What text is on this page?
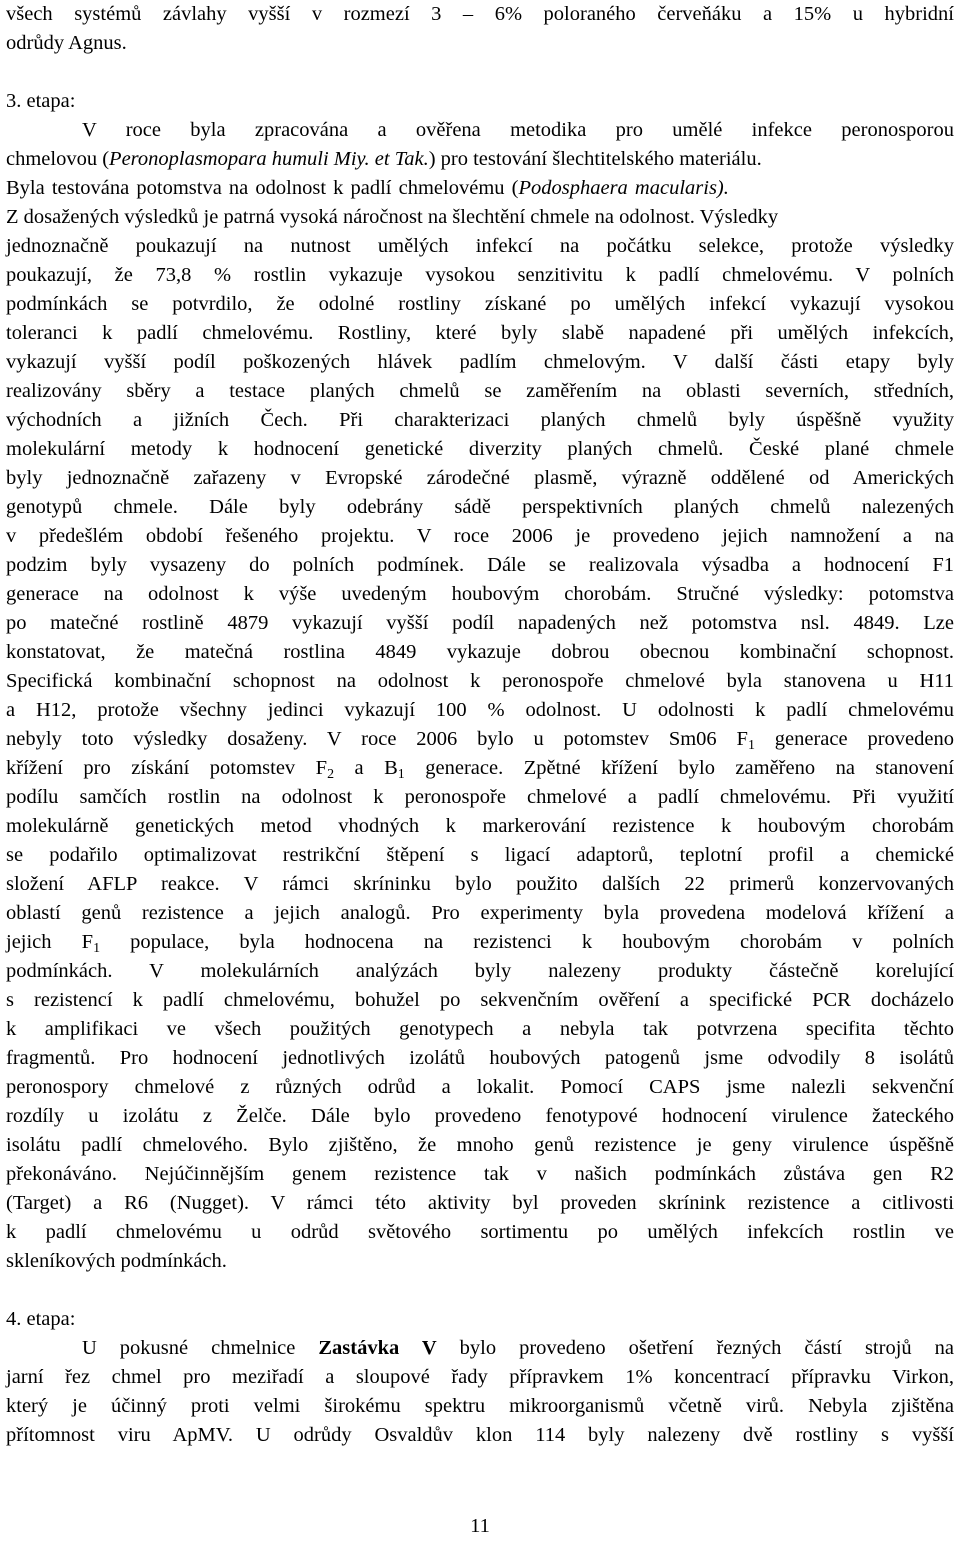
všech systémů závlahy vyšší v rozmezí 3 – 6% poloraného červeňáku a 15% u hybridní
odrůdy Agnus.
3. etapa:
V roce byla zpracována a ověřena metodika pro umělé infekce peronosporou
chmelovou (Peronoplasmopara humuli Miy. et Tak.) pro testování šlechtitelského materiálu.
Byla testována potomstva na odolnost k padlí chmelovému (Podosphaera macularis).
Z dosažených výsledků je patrná vysoká náročnost na šlechtění chmele na odolnost. Výsledky
jednoznačně poukazují na nutnost umělých infekcí na počátku selekce, protože výsledky
poukazují, že 73,8 % rostlin vykazuje vysokou senzitivitu k padlí chmelovému. V polních
podmínkách se potvrdilo, že odolné rostliny získané po umělých infekcí vykazují vysokou
toleranci k padlí chmelovému. Rostliny, které byly slabě napadené při umělých infekcích,
vykazují vyšší podíl poškozených hlávek padlím chmelovým. V další části etapy byly
realizovány sběry a testace planých chmelů se zaměřením na oblasti severních, středních,
východních a jižních Čech. Při charakterizaci planých chmelů byly úspěšně využity
molekulární metody k hodnocení genetické diverzity planých chmelů. České plané chmele
byly jednoznačně zařazeny v Evropské zárodečné plasmě, výrazně oddělené od Amerických
genotypů chmele. Dále byly odebrány sádě perspektivních planých chmelů nalezených
v předešlém období řešeného projektu. V roce 2006 je provedeno jejich namnožení a na
podzim byly vysazeny do polních podmínek. Dále se realizovala výsadba a hodnocení F1
generace na odolnost k výše uvedeným houbovým chorobám. Stručné výsledky: potomstva
po matečné rostlině 4879 vykazují vyšší podíl napadených než potomstva nsl. 4849. Lze
konstatovat, že matečná rostlina 4849 vykazuje dobrou obecnou kombinační schopnost.
Specifická kombinační schopnost na odolnost k peronospoře chmelové byla stanovena u H11
a H12, protože všechny jedinci vykazují 100 % odolnost. U odolnosti k padlí chmelovému
nebyly toto výsledky dosaženy. V roce 2006 bylo u potomstev Sm06 $F_1$ generace provedeno
křížení pro získání potomstev $F_2$ a $B_1$ generace. Zpětné křížení bylo zaměřeno na stanovení
podílu samčích rostlin na odolnost k peronospoře chmelové a padlí chmelovému. Při využití
molekulárně genetických metod vhodných k markerování rezistence k houbovým chorobám
se podařilo optimalizovat restrikční štěpení s ligací adaptorů, teplotní profil a chemické
složení AFLP reakce. V rámci skríninku bylo použito dalších 22 primerů konzervovaných
oblastí genů rezistence a jejich analogů. Pro experimenty byla provedena modelová křížení a
jejich $F_1$ populace, byla hodnocena na rezistenci k houbovým chorobám v polních
podmínkách. V molekulárních analýzách byly nalezeny produkty částečně korelující
s rezistencí k padlí chmelovému, bohužel po sekvenčním ověření a specifické PCR docházelo
k amplifikaci ve všech použitých genotypech a nebyla tak potvrzena specifita těchto
fragmentů. Pro hodnocení jednotlivých izolátů houbových patogenů jsme odvodily 8 isolátů
peronospory chmelové z různých odrůd a lokalit. Pomocí CAPS jsme nalezli sekvenční
rozdíly u izolátu z Želče. Dále bylo provedeno fenotypové hodnocení virulence žateckého
isolátu padlí chmelového. Bylo zjištěno, že mnoho genů rezistence je geny virulence úspěšně
překonáváno. Nejúčinnějším genem rezistence tak v našich podmínkách zůstáva gen R2
(Target) a R6 (Nugget). V rámci této aktivity byl proveden skrínink rezistence a citlivosti
k padlí chmelovému u odrůd světového sortimentu po umělých infekcích rostlin ve
skleníkových podmínkách.
4. etapa:
U pokusné chmelnice Zastávka V bylo provedeno ošetření řezných částí strojů na
jarní řez chmel pro meziřadí a sloupové řady přípravkem 1% koncentrací přípravku Virkon,
který je účinný proti velmi širokému spektru mikroorganismů včetně virů. Nebyla zjištěna
přítomnost viru ApMV. U odrůdy Osvaldův klon 114 byly nalezeny dvě rostliny s vyšší
11
